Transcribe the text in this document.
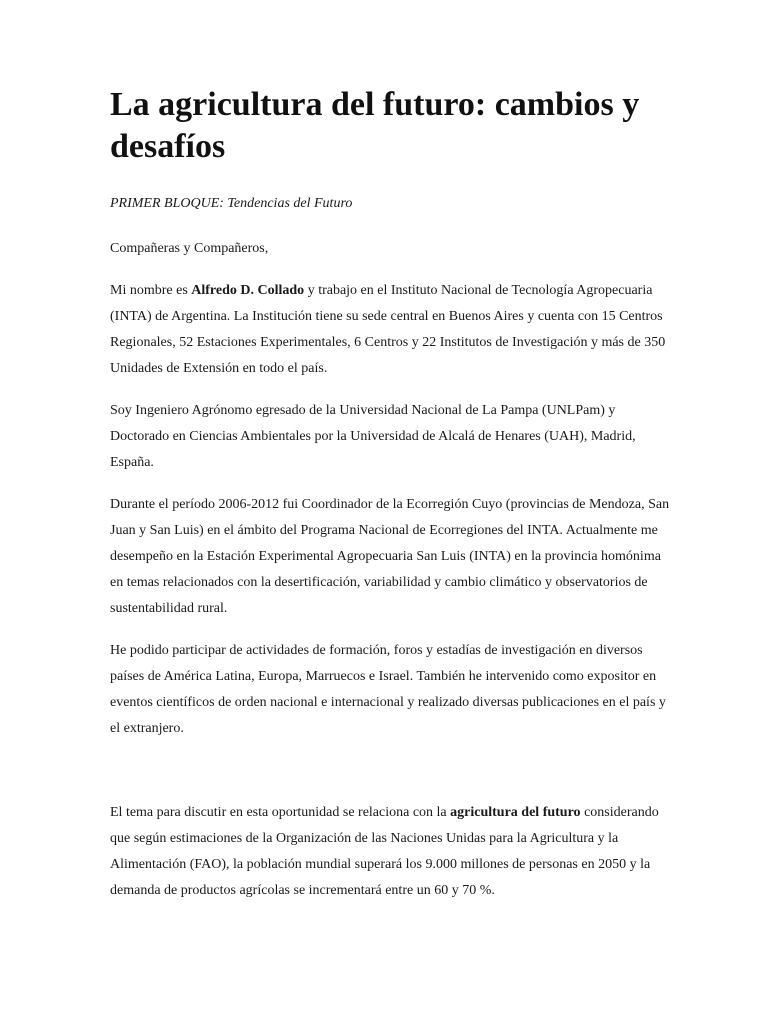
La agricultura del futuro: cambios y desafíos
PRIMER BLOQUE: Tendencias del Futuro

Compañeras y Compañeros,

Mi nombre es Alfredo D. Collado y trabajo en el Instituto Nacional de Tecnología Agropecuaria (INTA) de Argentina. La Institución tiene su sede central en Buenos Aires y cuenta con 15 Centros Regionales, 52 Estaciones Experimentales, 6 Centros y 22 Institutos de Investigación y más de 350 Unidades de Extensión en todo el país.

Soy Ingeniero Agrónomo egresado de la Universidad Nacional de La Pampa (UNLPam) y Doctorado en Ciencias Ambientales por la Universidad de Alcalá de Henares (UAH), Madrid, España.

Durante el período 2006-2012 fui Coordinador de la Ecorregión Cuyo (provincias de Mendoza, San Juan y San Luis) en el ámbito del Programa Nacional de Ecorregiones del INTA. Actualmente me desempeño en la Estación Experimental Agropecuaria San Luis (INTA) en la provincia homónima en temas relacionados con la desertificación, variabilidad y cambio climático y observatorios de sustentabilidad rural.

He podido participar de actividades de formación, foros y estadías de investigación en diversos países de América Latina, Europa, Marruecos e Israel. También he intervenido como expositor en eventos científicos de orden nacional e internacional y realizado diversas publicaciones en el país y el extranjero.

El tema para discutir en esta oportunidad se relaciona con la agricultura del futuro considerando que según estimaciones de la Organización de las Naciones Unidas para la Agricultura y la Alimentación (FAO), la población mundial superará los 9.000 millones de personas en 2050 y la demanda de productos agrícolas se incrementará entre un 60 y 70 %.
